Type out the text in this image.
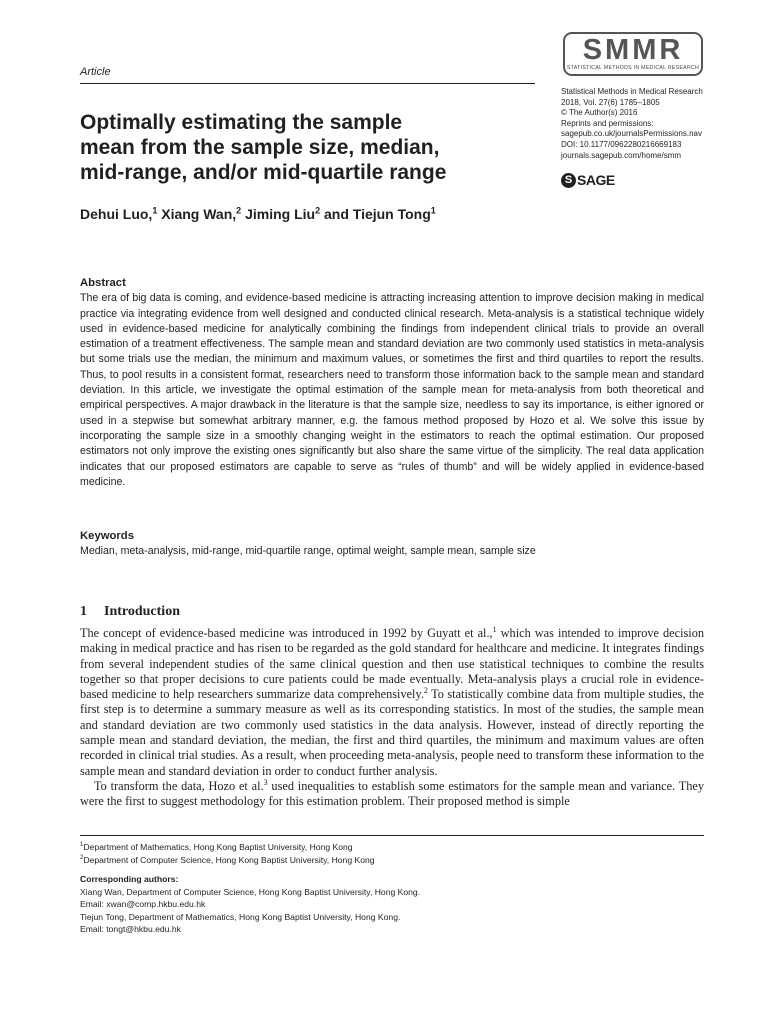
Article
SMMR
STATISTICAL METHODS IN MEDICAL RESEARCH
Statistical Methods in Medical Research
2018, Vol. 27(6) 1785–1805
© The Author(s) 2016
Reprints and permissions:
sagepub.co.uk/journalsPermissions.nav
DOI: 10.1177/0962280216669183
journals.sagepub.com/home/smm
S SAGE
Optimally estimating the sample
mean from the sample size, median,
mid-range, and/or mid-quartile range
Dehui Luo,$^1$ Xiang Wan,$^2$ Jiming Liu$^2$ and Tiejun Tong$^1$
Abstract
The era of big data is coming, and evidence-based medicine is attracting increasing attention to improve decision making in medical practice via integrating evidence from well designed and conducted clinical research. Meta-analysis is a statistical technique widely used in evidence-based medicine for analytically combining the findings from independent clinical trials to provide an overall estimation of a treatment effectiveness. The sample mean and standard deviation are two commonly used statistics in meta-analysis but some trials use the median, the minimum and maximum values, or sometimes the first and third quartiles to report the results. Thus, to pool results in a consistent format, researchers need to transform those information back to the sample mean and standard deviation. In this article, we investigate the optimal estimation of the sample mean for meta-analysis from both theoretical and empirical perspectives. A major drawback in the literature is that the sample size, needless to say its importance, is either ignored or used in a stepwise but somewhat arbitrary manner, e.g. the famous method proposed by Hozo et al. We solve this issue by incorporating the sample size in a smoothly changing weight in the estimators to reach the optimal estimation. Our proposed estimators not only improve the existing ones significantly but also share the same virtue of the simplicity. The real data application indicates that our proposed estimators are capable to serve as “rules of thumb” and will be widely applied in evidence-based medicine.
Keywords
Median, meta-analysis, mid-range, mid-quartile range, optimal weight, sample mean, sample size
1 Introduction

The concept of evidence-based medicine was introduced in 1992 by Guyatt et al.,$^1$ which was intended to improve decision making in medical practice and has risen to be regarded as the gold standard for healthcare and medicine. It integrates findings from several independent studies of the same clinical question and then use statistical techniques to combine the results together so that proper decisions to cure patients could be made eventually. Meta-analysis plays a crucial role in evidence-based medicine to help researchers summarize data comprehensively.$^2$ To statistically combine data from multiple studies, the first step is to determine a summary measure as well as its corresponding statistics. In most of the studies, the sample mean and standard deviation are two commonly used statistics in the data analysis. However, instead of directly reporting the sample mean and standard deviation, the median, the first and third quartiles, the minimum and maximum values are often recorded in clinical trial studies. As a result, when proceeding meta-analysis, people need to transform these information to the sample mean and standard deviation in order to conduct further analysis.

To transform the data, Hozo et al.$^3$ used inequalities to establish some estimators for the sample mean and variance. They were the first to suggest methodology for this estimation problem. Their proposed method is simple

$^1$Department of Mathematics, Hong Kong Baptist University, Hong Kong
$^2$Department of Computer Science, Hong Kong Baptist University, Hong Kong
Corresponding authors:
Xiang Wan, Department of Computer Science, Hong Kong Baptist University, Hong Kong.
Email: xwan@comp.hkbu.edu.hk
Tiejun Tong, Department of Mathematics, Hong Kong Baptist University, Hong Kong.
Email: tongt@hkbu.edu.hk
